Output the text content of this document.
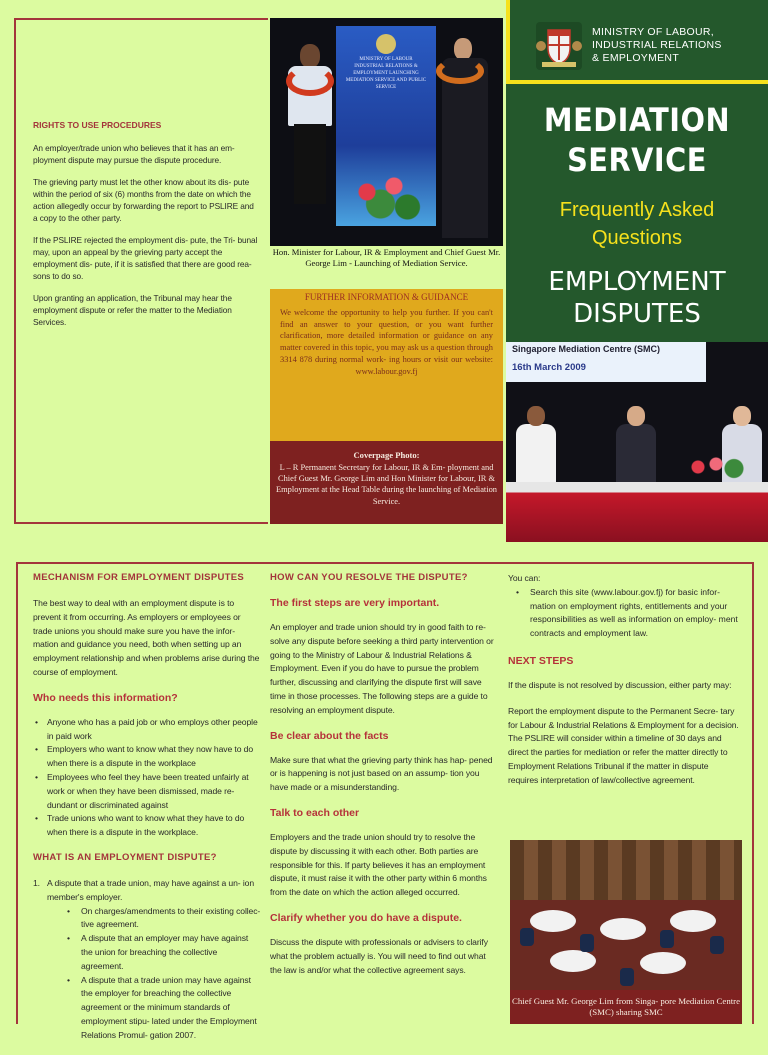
RIGHTS TO USE PROCEDURES

An employer/trade union who believes that it has an em- ployment dispute may pursue the dispute procedure.

The grieving party must let the other know about its dis- pute within the period of six (6) months from the date on which the action allegedly occur by forwarding the report to PSLIRE and a copy to the other party.

If the PSLIRE rejected the employment dis- pute, the Tri- bunal may, upon an appeal by the grieving party accept the employment dis- pute, if it is satisfied that there are good rea- sons to do so.

Upon granting an application, the Tribunal may hear the employment dispute or refer the matter to the Mediation Services.

MINISTRY OF LABOUR INDUSTRIAL RELATIONS & EMPLOYMENT LAUNCHING MEDIATION SERVICE AND PUBLIC SERVICE
Hon. Minister for Labour, IR & Employment and Chief Guest Mr. George Lim - Launching of Mediation Service.
FURTHER INFORMATION & GUIDANCE

We welcome the opportunity to help you further. If you can't find an answer to your question, or you want further clarification, more detailed information or guidance on any matter covered in this topic, you may ask us a question through 3314 878 during normal work- ing hours or visit our website: www.labour.gov.fj

Coverpage Photo:

L – R Permanent Secretary for Labour, IR & Em- ployment and Chief Guest Mr. George Lim and Hon Minister for Labour, IR & Employment at the Head Table during the launching of Mediation Service.

MINISTRY OF LABOUR,
INDUSTRIAL RELATIONS
& EMPLOYMENT
MEDIATION
SERVICE
Frequently Asked
Questions
EMPLOYMENT
DISPUTES
Singapore Mediation Centre (SMC)
16th March 2009
MECHANISM FOR EMPLOYMENT DISPUTES

The best way to deal with an employment dispute is to prevent it from occurring. As employers or employees or trade unions you should make sure you have the infor- mation and guidance you need, both when setting up an employment relationship and when problems arise during the course of employment.

Who needs this information?
• Anyone who has a paid job or who employs other people in paid work
• Employers who want to know what they now have to do when there is a dispute in the workplace
• Employees who feel they have been treated unfairly at work or when they have been dismissed, made re- dundant or discriminated against
• Trade unions who want to know what they have to do when there is a dispute in the workplace.
WHAT IS AN EMPLOYMENT DISPUTE?
1. A dispute that a trade union, may have against a un- ion member's employer.
• On charges/amendments to their existing collec- tive agreement.
• A dispute that an employer may have against the union for breaching the collective agreement.
• A dispute that a trade union may have against the employer for breaching the collective agreement or the minimum standards of employment stipu- lated under the Employment Relations Promul- gation 2007.
HOW CAN YOU RESOLVE THE DISPUTE?
The first steps are very important.

An employer and trade union should try in good faith to re- solve any dispute before seeking a third party intervention or going to the Ministry of Labour & Industrial Relations & Employment. Even if you do have to pursue the problem further, discussing and clarifying the dispute first will save time in those processes. The following steps are a guide to resolving an employment dispute.

Be clear about the facts

Make sure that what the grieving party think has hap- pened or is happening is not just based on an assump- tion you have made or a misunderstanding.

Talk to each other

Employers and the trade union should try to resolve the dispute by discussing it with each other. Both parties are responsible for this. If party believes it has an employment dispute, it must raise it with the other party within 6 months from the date on which the action alleged occurred.

Clarify whether you do have a dispute.

Discuss the dispute with professionals or advisers to clarify what the problem actually is. You will need to find out what the law is and/or what the collective agreement says.

You can:

• Search this site (www.labour.gov.fj) for basic infor- mation on employment rights, entitlements and your responsibilities as well as information on employ- ment contracts and employment law.
NEXT STEPS

If the dispute is not resolved by discussion, either party may:

Report the employment dispute to the Permanent Secre- tary for Labour & Industrial Relations & Employment for a decision. The PSLIRE will consider within a timeline of 30 days and direct the parties for mediation or refer the matter directly to Employment Relations Tribunal if the matter in dispute requires interpretation of law/collective agreement.

Chief Guest Mr. George Lim from Singa- pore Mediation Centre (SMC) sharing SMC
